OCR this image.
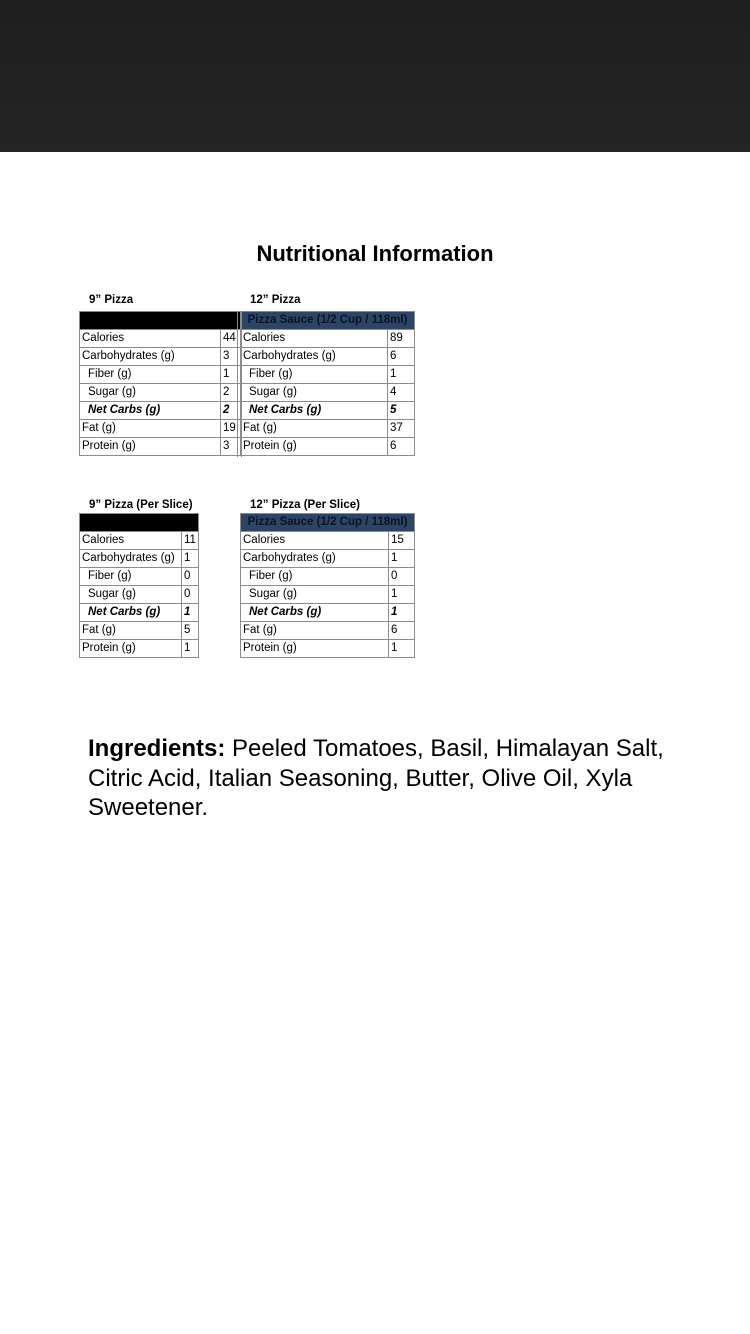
Nutritional Information
9” Pizza

Calories	44
Carbohydrates (g)	3
Fiber (g)	1
Sugar (g)	2
Net Carbs (g)	2
Fat (g)	19
Protein (g)	3
12” Pizza
Pizza Sauce (1/2 Cup / 118ml)	
Calories	89
Carbohydrates (g)	6
Fiber (g)	1
Sugar (g)	4
Net Carbs (g)	5
Fat (g)	37
Protein (g)	6
9” Pizza (Per Slice)

Calories	11
Carbohydrates (g)	1
Fiber (g)	0
Sugar (g)	0
Net Carbs (g)	1
Fat (g)	5
Protein (g)	1
12” Pizza (Per Slice)
Pizza Sauce (1/2 Cup / 118ml)	
Calories	15
Carbohydrates (g)	1
Fiber (g)	0
Sugar (g)	1
Net Carbs (g)	1
Fat (g)	6
Protein (g)	1
Ingredients: Peeled Tomatoes, Basil, Himalayan Salt, Citric Acid, Italian Seasoning, Butter, Olive Oil, Xyla Sweetener.
